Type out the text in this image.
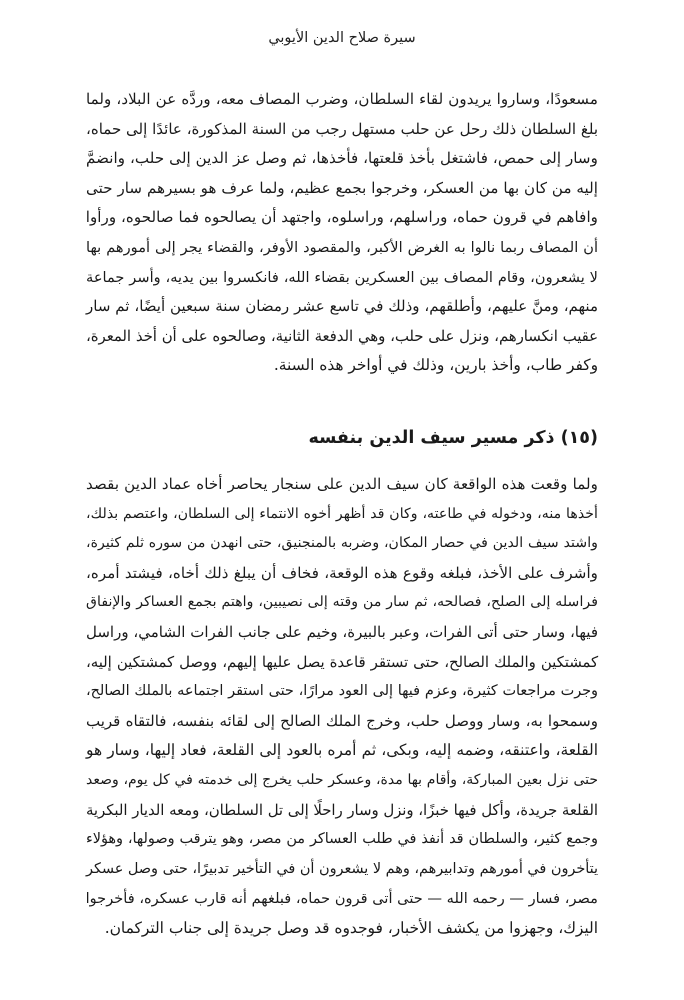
سيرة صلاح الدين الأيوبي
مسعودًا، وساروا يريدون لقاء السلطان، وضرب المصاف معه، وردَّه عن البلاد، ولما
بلغ السلطان ذلك رحل عن حلب مستهل رجب من السنة المذكورة، عائدًا إلى حماه،
وسار إلى حمص، فاشتغل بأخذ قلعتها، فأخذها، ثم وصل عز الدين إلى حلب، وانضمَّ
إليه من كان بها من العسكر، وخرجوا بجمع عظيم، ولما عرف هو بسيرهم سار حتى
وافاهم في قرون حماه، وراسلهم، وراسلوه، واجتهد أن يصالحوه فما صالحوه، ورأوا
أن المصاف ربما نالوا به الغرض الأكبر، والمقصود الأوفر، والقضاء يجر إلى أمورهم بها
لا يشعرون، وقام المصاف بين العسكرين بقضاء الله، فانكسروا بين يديه، وأسر جماعة
منهم، ومنَّ عليهم، وأطلقهم، وذلك في تاسع عشر رمضان سنة سبعين أيضًا، ثم سار
عقيب انكسارهم، ونزل على حلب، وهي الدفعة الثانية، وصالحوه على أن أخذ المعرة،
وكفر طاب، وأخذ بارين، وذلك في أواخر هذه السنة.
(١٥) ذكر مسير سيف الدين بنفسه
ولما وقعت هذه الواقعة كان سيف الدين على سنجار يحاصر أخاه عماد الدين بقصد
أخذها منه، ودخوله في طاعته، وكان قد أظهر أخوه الانتماء إلى السلطان، واعتصم بذلك،
واشتد سيف الدين في حصار المكان، وضربه بالمنجنيق، حتى انهدن من سوره ثلم كثيرة،
وأشرف على الأخذ، فبلغه وقوع هذه الوقعة، فخاف أن يبلغ ذلك أخاه، فيشتد أمره،
فراسله إلى الصلح، فصالحه، ثم سار من وقته إلى نصيبين، واهتم بجمع العساكر والإنفاق
فيها، وسار حتى أتى الفرات، وعبر بالبيرة، وخيم على جانب الفرات الشامي، وراسل
كمشتكين والملك الصالح، حتى تستقر قاعدة يصل عليها إليهم، ووصل كمشتكين إليه،
وجرت مراجعات كثيرة، وعزم فيها إلى العود مرارًا، حتى استقر اجتماعه بالملك الصالح،
وسمحوا به، وسار ووصل حلب، وخرج الملك الصالح إلى لقائه بنفسه، فالتقاه قريب
القلعة، واعتنقه، وضمه إليه، وبكى، ثم أمره بالعود إلى القلعة، فعاد إليها، وسار هو
حتى نزل بعين المباركة، وأقام بها مدة، وعسكر حلب يخرج إلى خدمته في كل يوم، وصعد
القلعة جريدة، وأكل فيها خبزًا، ونزل وسار راحلًا إلى تل السلطان، ومعه الديار البكرية
وجمع كثير، والسلطان قد أنفذ في طلب العساكر من مصر، وهو يترقب وصولها، وهؤلاء
يتأخرون في أمورهم وتدابيرهم، وهم لا يشعرون أن في التأخير تدبيرًا، حتى وصل عسكر
مصر، فسار — رحمه الله — حتى أتى قرون حماه، فبلغهم أنه قارب عسكره، فأخرجوا
اليزك، وجهزوا من يكشف الأخبار، فوجدوه قد وصل جريدة إلى جناب التركمان.
